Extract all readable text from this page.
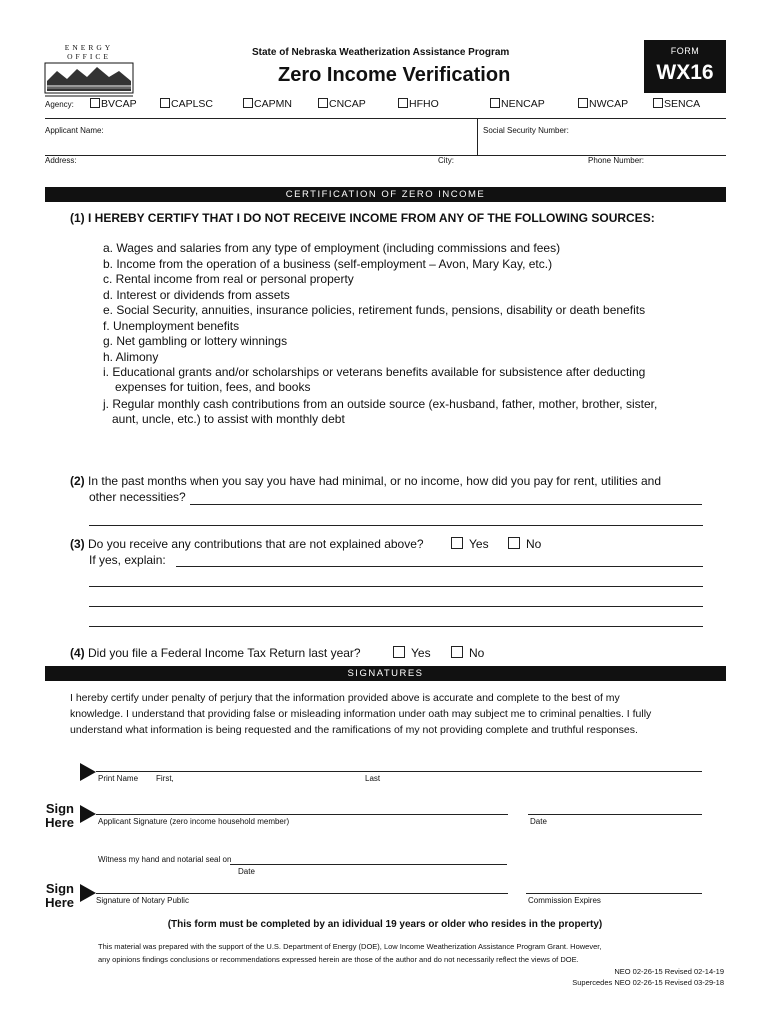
ENERGY OFFICE	State of Nebraska Weatherization Assistance Program
Zero Income Verification
FORM
WX16
Agency:	BVCAP	CAPLSC	CAPMN	CNCAP	HFHO	NENCAP	NWCAP	SENCA
Applicant Name:	Social Security Number:
Address:	City:	Phone Number:
CERTIFICATION OF ZERO INCOME
(1) I HEREBY CERTIFY THAT I DO NOT RECEIVE INCOME FROM ANY OF THE FOLLOWING SOURCES:
a. Wages and salaries from any type of employment (including commissions and fees)
b. Income from the operation of a business (self-employment – Avon, Mary Kay, etc.)
c. Rental income from real or personal property
d. Interest or dividends from assets
e. Social Security, annuities, insurance policies, retirement funds, pensions, disability or death benefits
f. Unemployment benefits
g. Net gambling or lottery winnings
h. Alimony
i. Educational grants and/or scholarships or veterans benefits available for subsistence after deducting
expenses for tuition, fees, and books
j. Regular monthly cash contributions from an outside source (ex-husband, father, mother, brother, sister,
aunt, uncle, etc.) to assist with monthly debt
(2) In the past months when you say you have had minimal, or no income, how did you pay for rent, utilities and
other necessities?
(3) Do you receive any contributions that are not explained above?	Yes	No
If yes, explain:
(4) Did you file a Federal Income Tax Return last year?	Yes	No
SIGNATURES
I hereby certify under penalty of perjury that the information provided above is accurate and complete to the best of my
knowledge. I understand that providing false or misleading information under oath may subject me to criminal penalties. I fully
understand what information is being requested and the ramifications of my not providing complete and truthful responses.
Print Name First,	Last
Sign
Here	Applicant Signature (zero income household member)	Date
Witness my hand and notarial seal on
Date
Sign
Here	Signature of Notary Public	Commission Expires
(This form must be completed by an idividual 19 years or older who resides in the property)
This material was prepared with the support of the U.S. Department of Energy (DOE), Low Income Weatherization Assistance Program Grant. However,
any opinions findings conclusions or recommendations expressed herein are those of the author and do not necessarily reflect the views of DOE.
NEO 02-26-15 Revised 02-14-19
Supercedes NEO 02-26-15 Revised 03-29-18
